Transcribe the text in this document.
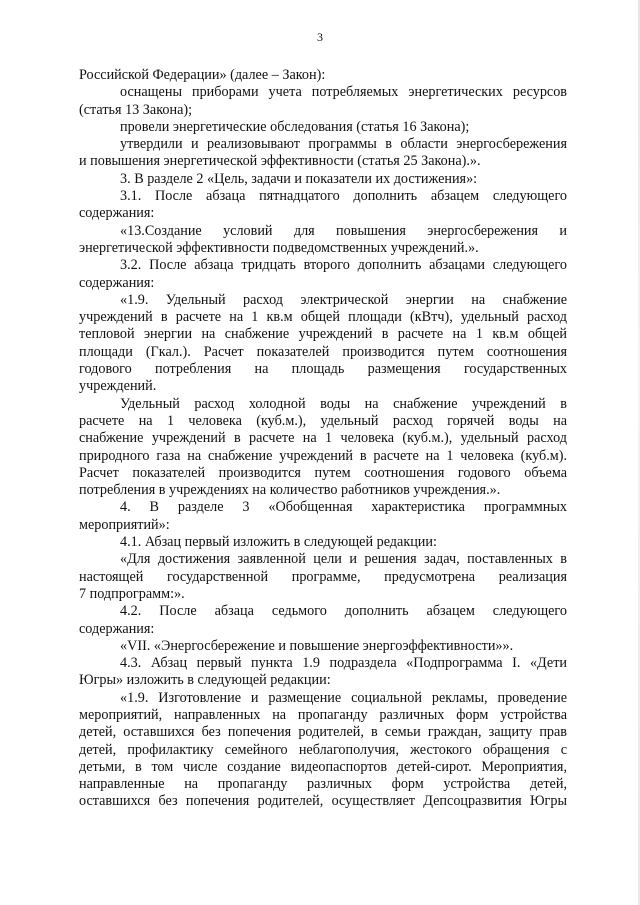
3
Российской Федерации» (далее – Закон):
оснащены приборами учета потребляемых энергетических ресурсов
(статья 13 Закона);
провели энергетические обследования (статья 16 Закона);
утвердили и реализовывают программы в области энергосбережения
и повышения энергетической эффективности (статья 25 Закона).».
3. В разделе 2 «Цель, задачи и показатели их достижения»:
3.1. После абзаца пятнадцатого дополнить абзацем следующего
содержания:
«13.Создание условий для повышения энергосбережения и
энергетической эффективности подведомственных учреждений.».
3.2. После абзаца тридцать второго дополнить абзацами следующего
содержания:
«1.9. Удельный расход электрической энергии на снабжение
учреждений в расчете на 1 кв.м общей площади (кВтч), удельный расход
тепловой энергии на снабжение учреждений в расчете на 1 кв.м общей
площади (Гкал.). Расчет показателей производится путем соотношения
годового потребления на площадь размещения государственных
учреждений.
Удельный расход холодной воды на снабжение учреждений в
расчете на 1 человека (куб.м.), удельный расход горячей воды на
снабжение учреждений в расчете на 1 человека (куб.м.), удельный расход
природного газа на снабжение учреждений в расчете на 1 человека (куб.м).
Расчет показателей производится путем соотношения годового объема
потребления в учреждениях на количество работников учреждения.».
4. В разделе 3 «Обобщенная характеристика программных
мероприятий»:
4.1. Абзац первый изложить в следующей редакции:
«Для достижения заявленной цели и решения задач, поставленных в
настоящей государственной программе, предусмотрена реализация
7 подпрограмм:».
4.2. После абзаца седьмого дополнить абзацем следующего
содержания:
«VII. «Энергосбережение и повышение энергоэффективности»».
4.3. Абзац первый пункта 1.9 подраздела «Подпрограмма I. «Дети
Югры» изложить в следующей редакции:
«1.9. Изготовление и размещение социальной рекламы, проведение
мероприятий, направленных на пропаганду различных форм устройства
детей, оставшихся без попечения родителей, в семьи граждан, защиту прав
детей, профилактику семейного неблагополучия, жестокого обращения с
детьми, в том числе создание видеопаспортов детей-сирот. Мероприятия,
направленные на пропаганду различных форм устройства детей,
оставшихся без попечения родителей, осуществляет Депсоцразвития Югры
